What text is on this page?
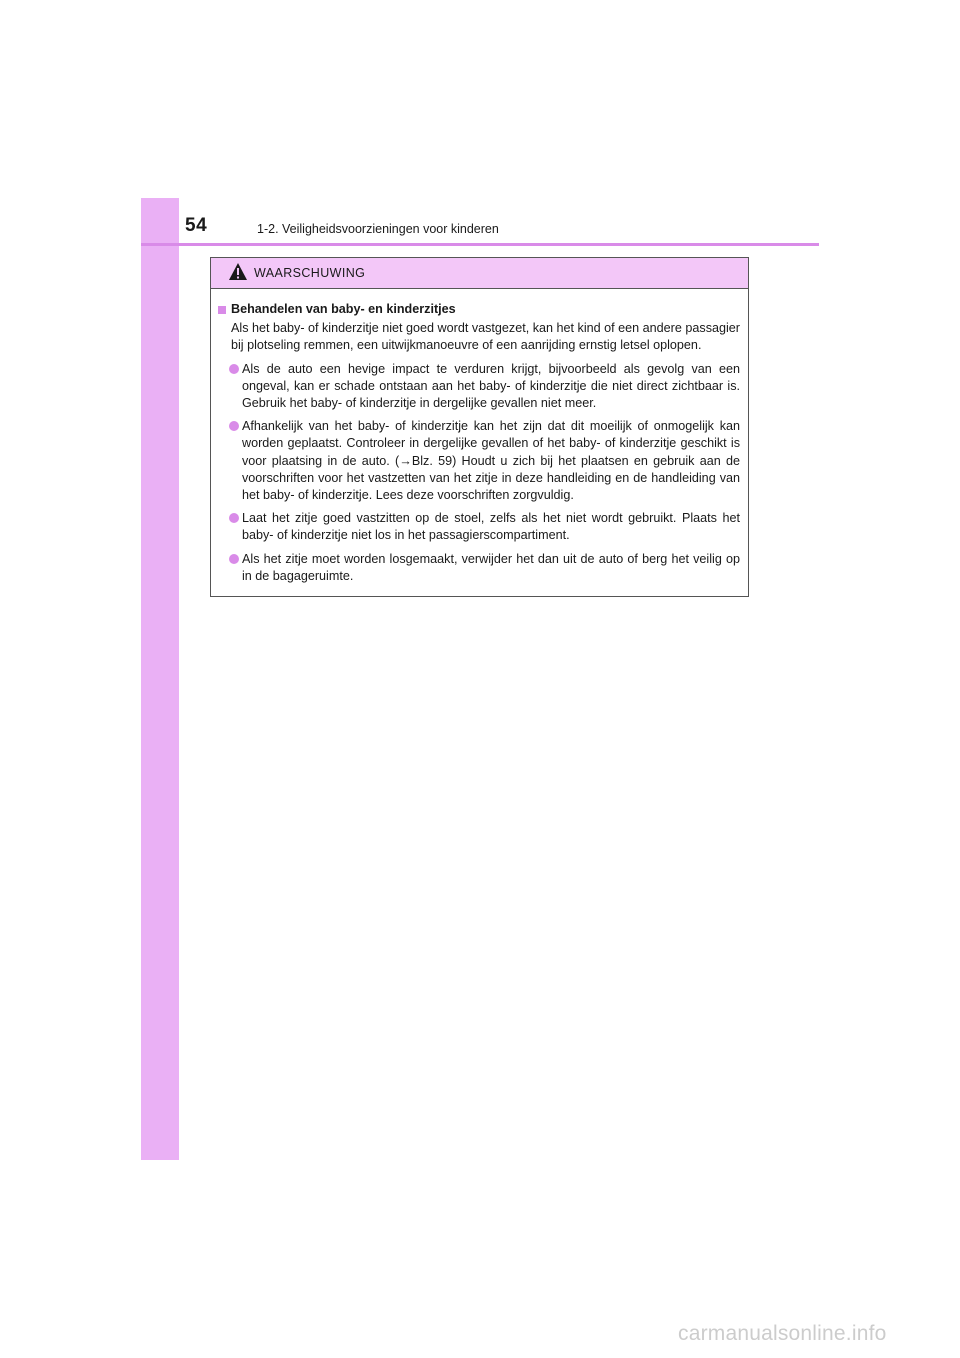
54	1-2. Veiligheidsvoorzieningen voor kinderen
WAARSCHUWING
Behandelen van baby- en kinderzitjes
Als het baby- of kinderzitje niet goed wordt vastgezet, kan het kind of een andere passagier bij plotseling remmen, een uitwijkmanoeuvre of een aanrijding ernstig letsel oplopen.
Als de auto een hevige impact te verduren krijgt, bijvoorbeeld als gevolg van een ongeval, kan er schade ontstaan aan het baby- of kinderzitje die niet direct zichtbaar is. Gebruik het baby- of kinderzitje in dergelijke gevallen niet meer.
Afhankelijk van het baby- of kinderzitje kan het zijn dat dit moeilijk of onmogelijk kan worden geplaatst. Controleer in dergelijke gevallen of het baby- of kinderzitje geschikt is voor plaatsing in de auto. (→Blz. 59) Houdt u zich bij het plaatsen en gebruik aan de voorschriften voor het vastzetten van het zitje in deze handleiding en de handleiding van het baby- of kinderzitje. Lees deze voorschriften zorgvuldig.
Laat het zitje goed vastzitten op de stoel, zelfs als het niet wordt gebruikt. Plaats het baby- of kinderzitje niet los in het passagierscompartiment.
Als het zitje moet worden losgemaakt, verwijder het dan uit de auto of berg het veilig op in de bagageruimte.
carmanualsonline.info
